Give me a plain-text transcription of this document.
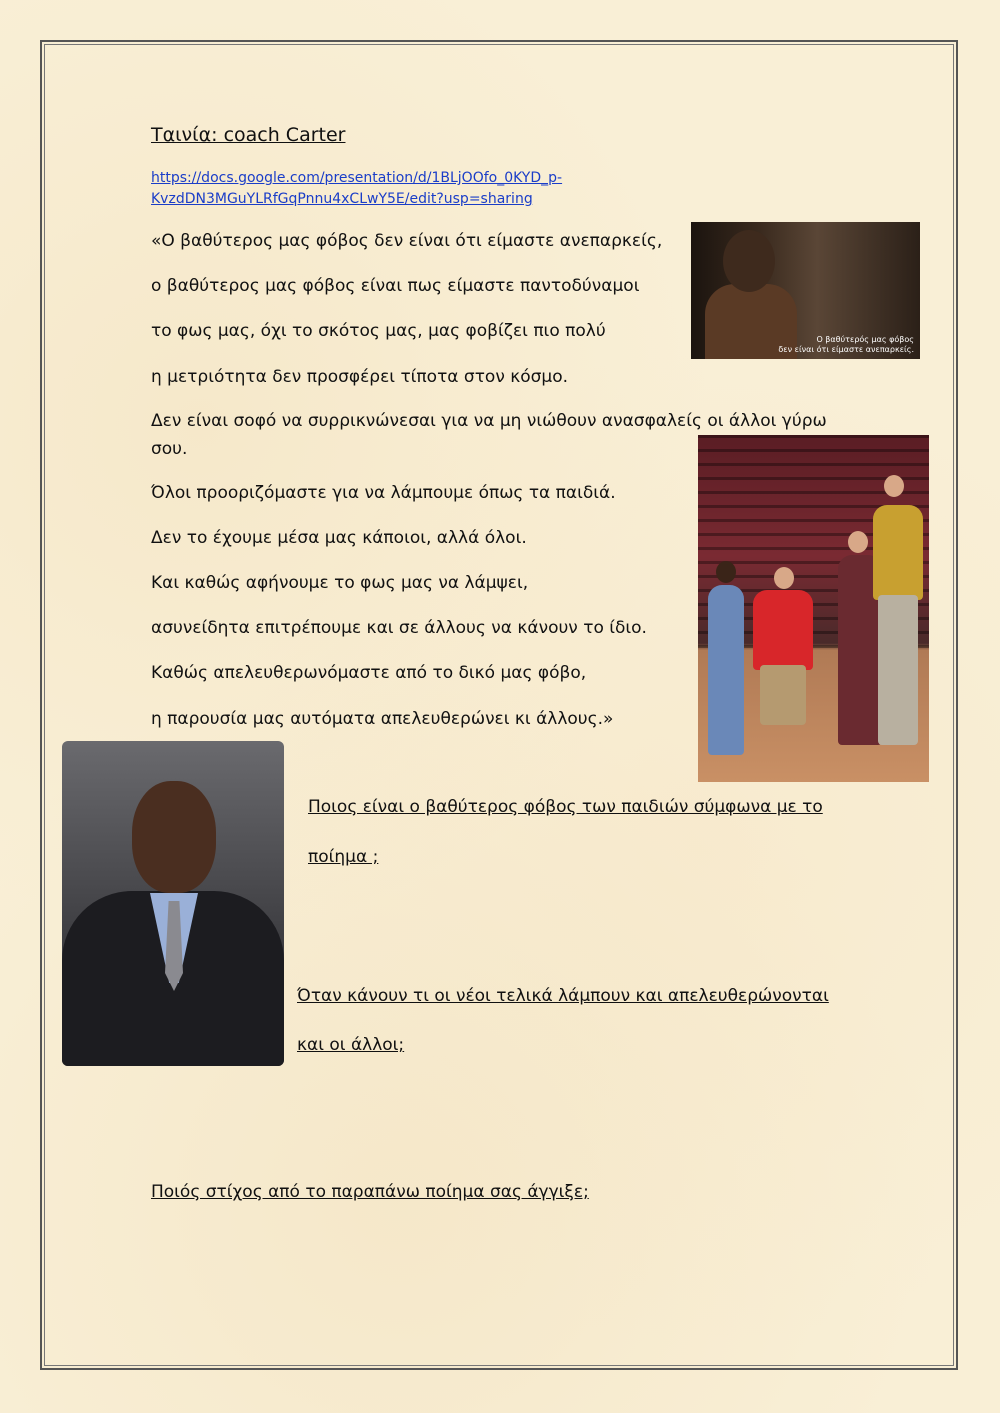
Ταινία: coach Carter
https://docs.google.com/presentation/d/1BLjOOfo_0KYD_p-
KvzdDN3MGuYLRfGqPnnu4xCLwY5E/edit?usp=sharing
«Ο βαθύτερος μας φόβος δεν είναι ότι είμαστε ανεπαρκείς,
ο βαθύτερος μας φόβος είναι πως είμαστε παντοδύναμοι
το φως μας, όχι το σκότος μας, μας φοβίζει πιο πολύ
η μετριότητα δεν προσφέρει τίποτα στον κόσμο.
Δεν είναι σοφό να συρρικνώνεσαι για να μη νιώθουν ανασφαλείς οι άλλοι γύρω
σου.
Όλοι προοριζόμαστε για να λάμπουμε όπως τα παιδιά.
Δεν το έχουμε μέσα μας κάποιοι, αλλά όλοι.
Και καθώς αφήνουμε το φως μας να λάμψει,
ασυνείδητα επιτρέπουμε και σε άλλους να κάνουν το ίδιο.
Καθώς απελευθερωνόμαστε από το δικό μας φόβο,
η παρουσία μας αυτόματα απελευθερώνει κι άλλους.»
Ο βαθύτερός μας φόβος
δεν είναι ότι είμαστε ανεπαρκείς.
Ποιος είναι ο βαθύτερος φόβος των παιδιών σύμφωνα με το
ποίημα ;
Όταν κάνουν τι οι νέοι τελικά λάμπουν και απελευθερώνονται
και οι άλλοι;
Ποιός στίχος από το παραπάνω ποίημα σας άγγιξε;
